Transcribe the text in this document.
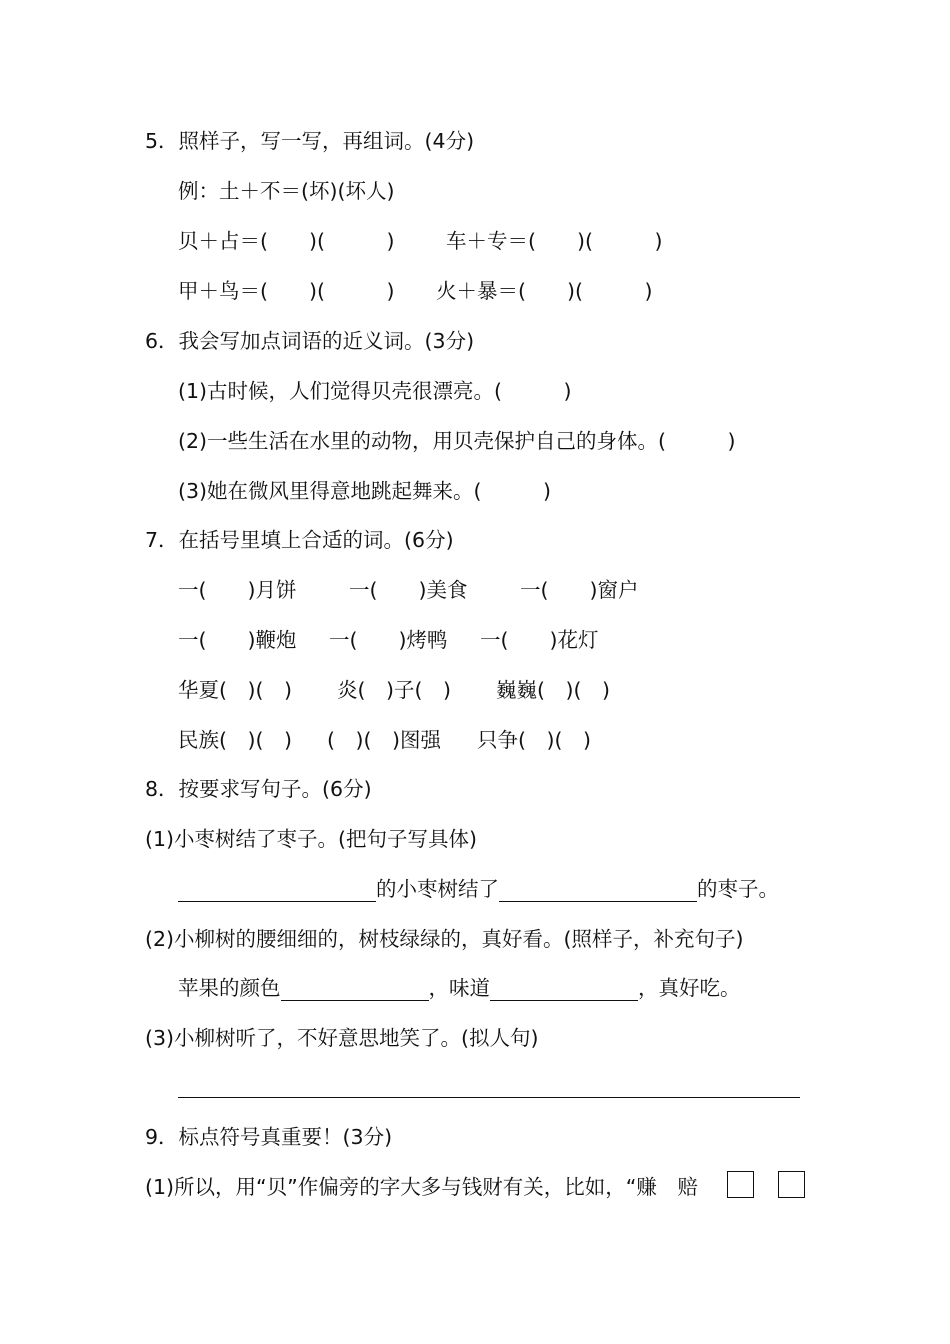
5．照样子，写一写，再组词。(4分)
例：土＋不＝(坏)(坏人)
贝＋占＝(　　)(　　　)	车＋专＝(　　)(　　　)
甲＋鸟＝(　　)(　　　) 火＋暴＝(　　)(　　　)
6．我会写加点词语的近义词。(3分)
(1)古时候，人们觉得贝壳很漂亮。(　　　)
(2)一些生活在水里的动物，用贝壳保护自己的身体。(　　　)
(3)她在微风里得意地跳起舞来。(　　　)
7．在括号里填上合适的词。(6分)
一(　　)月饼	一(　　)美食	一(　　)窗户
一(　　)鞭炮 一(　　)烤鸭 一(　　)花灯
华夏(　)(　) 炎(　)子(　) 巍巍(　)(　)
民族(　)(　) (　)(　)图强 只争(　)(　)
8．按要求写句子。(6分)
(1)小枣树结了枣子。(把句子写具体)
的小枣树结了	的枣子。
(2)小柳树的腰细细的，树枝绿绿的，真好看。(照样子，补充句子)
苹果的颜色	，味道	，真好吃。
(3)小柳树听了，不好意思地笑了。(拟人句)
9．标点符号真重要！(3分)
(1)所以，用“贝”作偏旁的字大多与钱财有关，比如，“赚　赔
